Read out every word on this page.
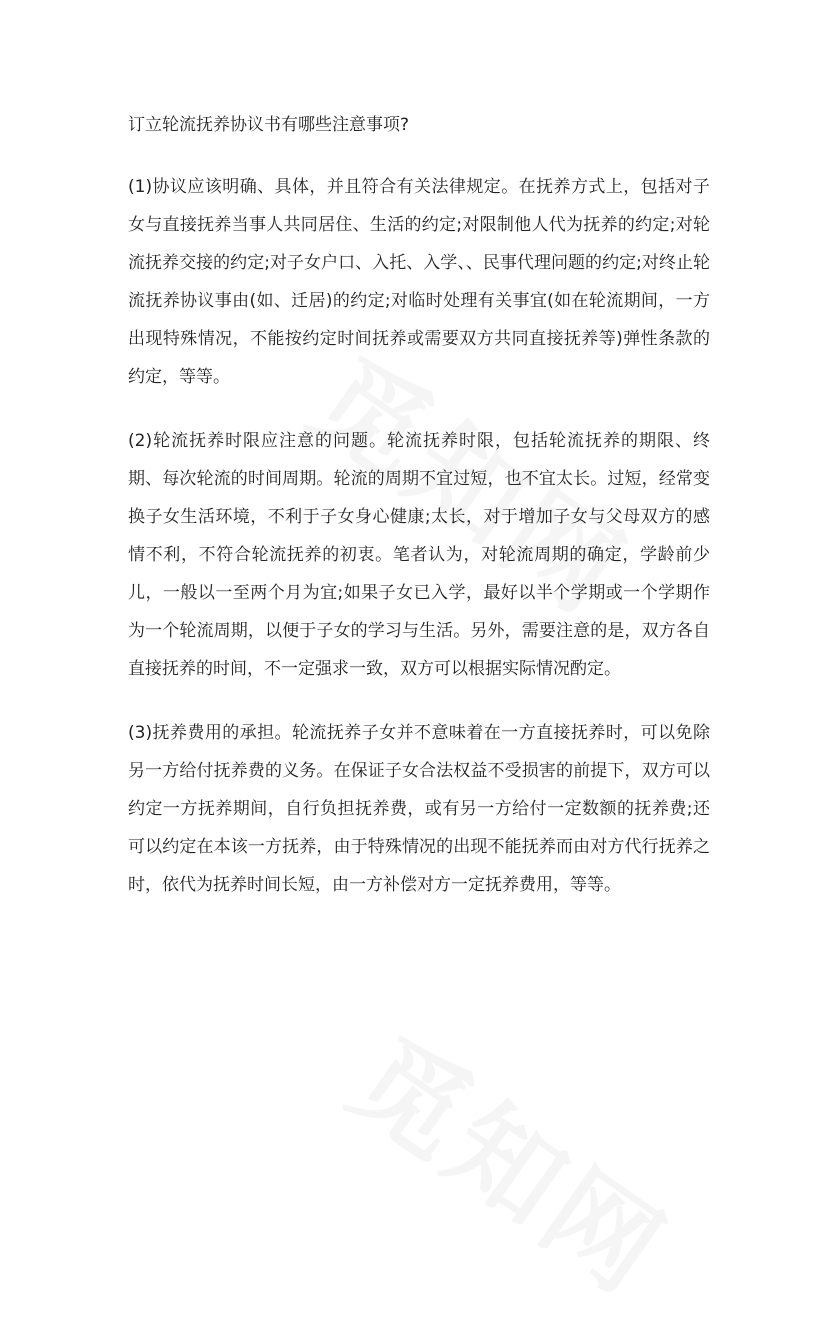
订立轮流抚养协议书有哪些注意事项?

(1)协议应该明确、具体，并且符合有关法律规定。在抚养方式上，包括对子女与直接抚养当事人共同居住、生活的约定;对限制他人代为抚养的约定;对轮流抚养交接的约定;对子女户口、入托、入学、、民事代理问题的约定;对终止轮流抚养协议事由(如、迁居)的约定;对临时处理有关事宜(如在轮流期间，一方出现特殊情况，不能按约定时间抚养或需要双方共同直接抚养等)弹性条款的约定，等等。

(2)轮流抚养时限应注意的问题。轮流抚养时限，包括轮流抚养的期限、终期、每次轮流的时间周期。轮流的周期不宜过短，也不宜太长。过短，经常变换子女生活环境，不利于子女身心健康;太长，对于增加子女与父母双方的感情不利，不符合轮流抚养的初衷。笔者认为，对轮流周期的确定，学龄前少儿，一般以一至两个月为宜;如果子女已入学，最好以半个学期或一个学期作为一个轮流周期，以便于子女的学习与生活。另外，需要注意的是，双方各自直接抚养的时间，不一定强求一致，双方可以根据实际情况酌定。

(3)抚养费用的承担。轮流抚养子女并不意味着在一方直接抚养时，可以免除另一方给付抚养费的义务。在保证子女合法权益不受损害的前提下，双方可以约定一方抚养期间，自行负担抚养费，或有另一方给付一定数额的抚养费;还可以约定在本该一方抚养，由于特殊情况的出现不能抚养而由对方代行抚养之时，依代为抚养时间长短，由一方补偿对方一定抚养费用，等等。
